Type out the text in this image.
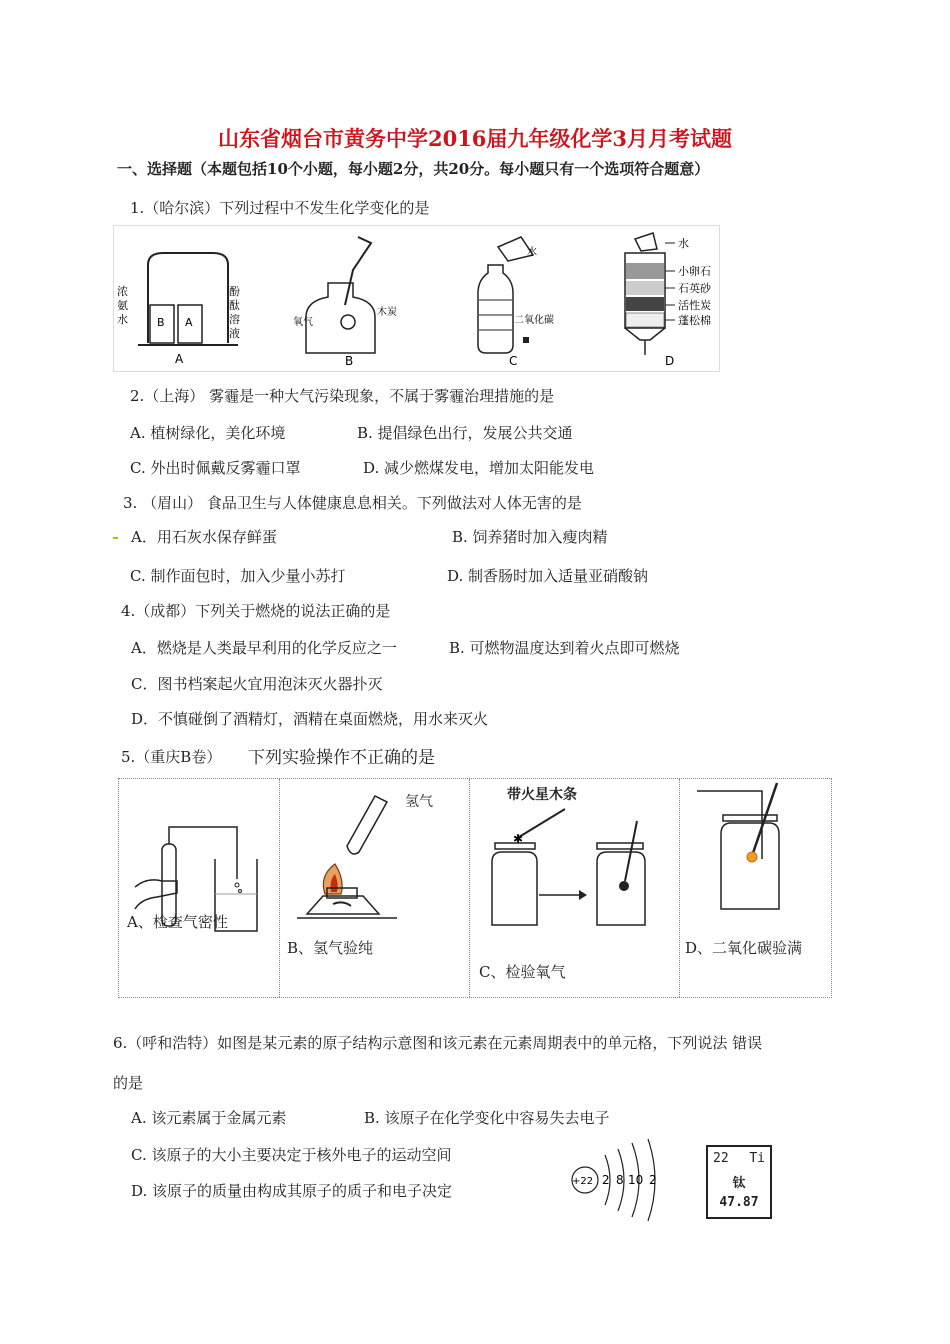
山东省烟台市黄务中学2016届九年级化学3月月考试题
一、选择题（本题包括10个小题，每小题2分，共20分。每小题只有一个选项符合题意）
1.（哈尔滨）下列过程中不发生化学变化的是
B A
浓
氨
水
酚
酞
溶
液
A
氧气
木炭
B
水
二氧化碳
C
水
小卵石
石英砂
活性炭
蓬松棉
D
2.（上海） 雾霾是一种大气污染现象，不属于雾霾治理措施的是
A. 植树绿化，美化环境	B. 提倡绿色出行，发展公共交通
C. 外出时佩戴反雾霾口罩	D. 减少燃煤发电，增加太阳能发电
3. （眉山） 食品卫生与人体健康息息相关。下列做法对人体无害的是
A．用石灰水保存鲜蛋	B. 饲养猪时加入瘦肉精
C. 制作面包时，加入少量小苏打	D. 制香肠时加入适量亚硝酸钠
4.（成都）下列关于燃烧的说法正确的是
A．燃烧是人类最早利用的化学反应之一	B. 可燃物温度达到着火点即可燃烧
C．图书档案起火宜用泡沫灭火器扑灭
D．不慎碰倒了酒精灯，酒精在桌面燃烧，用水来灭火
5.（重庆B卷） 下列实验操作不正确的是
A、检查气密性
氢气
B、氢气验纯
带火星木条
✱
C、检验氧气
D、二氧化碳验满
6.（呼和浩特）如图是某元素的原子结构示意图和该元素在元素周期表中的单元格，下列说法 错误
的是
A. 该元素属于金属元素	B. 该原子在化学变化中容易失去电子
C. 该原子的大小主要决定于核外电子的运动空间
D. 该原子的质量由构成其原子的质子和电子决定
+22 2 8 10 2
22 Ti
钛
47.87
